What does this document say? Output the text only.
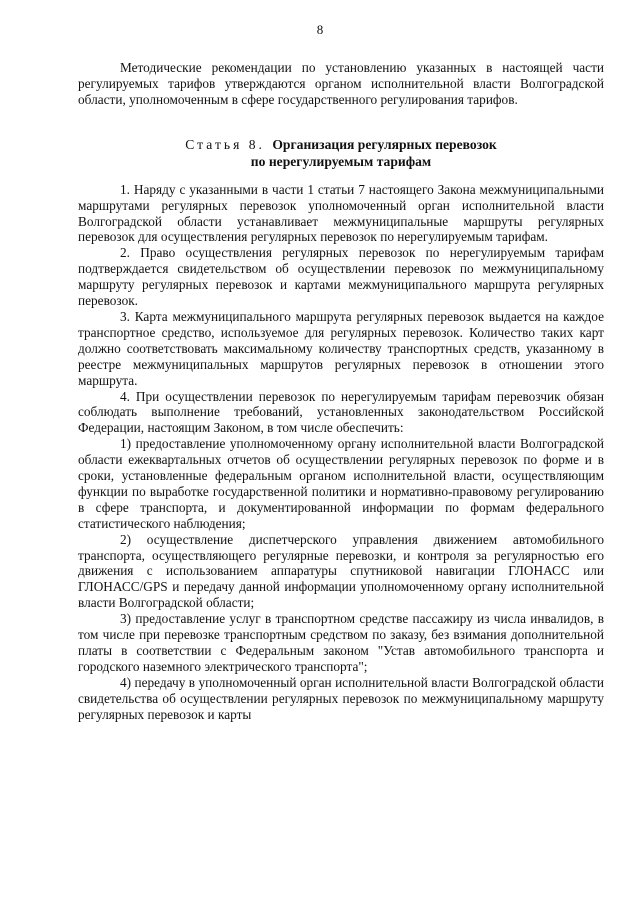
8

Методические рекомендации по установлению указанных в настоящей части регулируемых тарифов утверждаются органом исполнительной власти Волгоградской области, уполномоченным в сфере государственного регулирования тарифов.

Статья 8. Организация регулярных перевозок
по нерегулируемым тарифам

1. Наряду с указанными в части 1 статьи 7 настоящего Закона межмуниципальными маршрутами регулярных перевозок уполномоченный орган исполнительной власти Волгоградской области устанавливает межмуниципальные маршруты регулярных перевозок для осуществления регулярных перевозок по нерегулируемым тарифам.

2. Право осуществления регулярных перевозок по нерегулируемым тарифам подтверждается свидетельством об осуществлении перевозок по межмуниципальному маршруту регулярных перевозок и картами межмуниципального маршрута регулярных перевозок.

3. Карта межмуниципального маршрута регулярных перевозок выдается на каждое транспортное средство, используемое для регулярных перевозок. Количество таких карт должно соответствовать максимальному количеству транспортных средств, указанному в реестре межмуниципальных маршрутов регулярных перевозок в отношении этого маршрута.

4. При осуществлении перевозок по нерегулируемым тарифам перевозчик обязан соблюдать выполнение требований, установленных законодательством Российской Федерации, настоящим Законом, в том числе обеспечить:

1) предоставление уполномоченному органу исполнительной власти Волгоградской области ежеквартальных отчетов об осуществлении регулярных перевозок по форме и в сроки, установленные федеральным органом исполнительной власти, осуществляющим функции по выработке государственной политики и нормативно-правовому регулированию в сфере транспорта, и документированной информации по формам федерального статистического наблюдения;

2) осуществление диспетчерского управления движением автомобильного транспорта, осуществляющего регулярные перевозки, и контроля за регулярностью его движения с использованием аппаратуры спутниковой навигации ГЛОНАСС или ГЛОНАСС/GPS и передачу данной информации уполномоченному органу исполнительной власти Волгоградской области;

3) предоставление услуг в транспортном средстве пассажиру из числа инвалидов, в том числе при перевозке транспортным средством по заказу, без взимания дополнительной платы в соответствии с Федеральным законом "Устав автомобильного транспорта и городского наземного электрического транспорта";

4) передачу в уполномоченный орган исполнительной власти Волгоградской области свидетельства об осуществлении регулярных перевозок по межмуниципальному маршруту регулярных перевозок и карты
